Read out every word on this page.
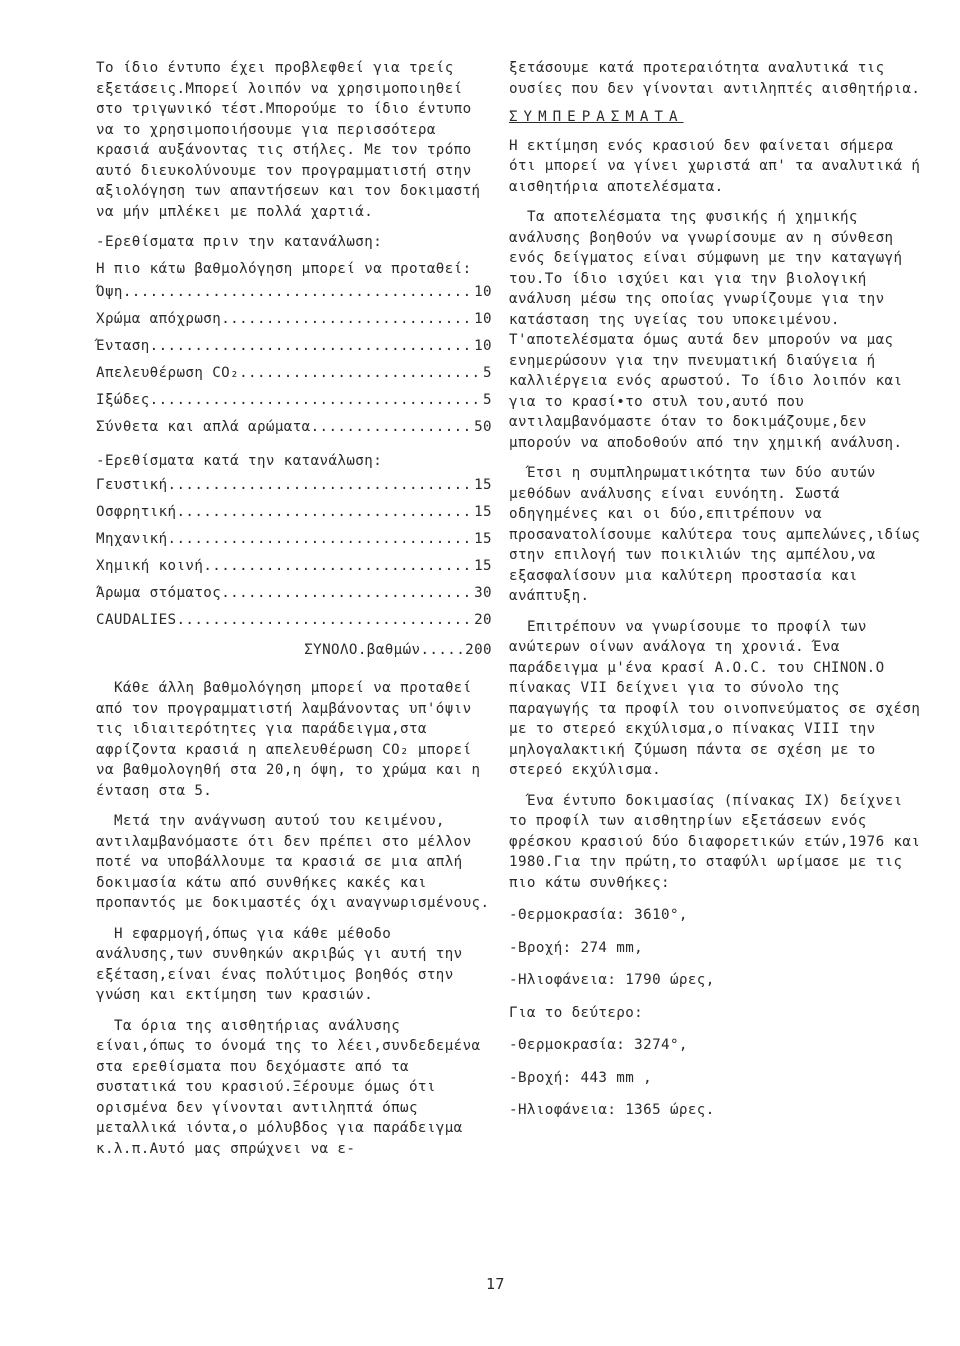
Το ίδιο έντυπο έχει προβλεφθεί για τρείς εξετάσεις.Μπορεί λοιπόν να χρησιμοποιηθεί στο τριγωνικό τέστ.Μπορούμε το ίδιο έντυπο να το χρησιμοποιήσουμε για περισσότερα κρασιά αυξάνοντας τις στήλες. Με τον τρόπο αυτό διευκολύνουμε τον προγραμματιστή στην αξιολόγηση των απαντήσεων και τον δοκιμαστή να μήν μπλέκει με πολλά χαρτιά.

-Ερεθίσματα πριν την κατανάλωση:

Η πιο κάτω βαθμολόγηση μπορεί να προταθεί:

Όψη .....	10
Χρώμα απόχρωση .....	10
Ένταση .....	10
Απελευθέρωση CO₂ .....	5
Ιξώδες .....	5
Σύνθετα και απλά αρώματα .....	50

-Ερεθίσματα κατά την κατανάλωση:

Γευστική .....	15
Οσφρητική .....	15
Μηχανική .....	15
Χημική κοινή .....	15
Άρωμα στόματος .....	30
CAUDALIES .....	20

ΣΥΝΟΛΟ.βαθμών.....200

Κάθε άλλη βαθμολόγηση μπορεί να προταθεί από τον προγραμματιστή λαμβάνοντας υπ'όψιν τις ιδιαιτερότητες για παράδειγμα,στα αφρίζοντα κρασιά η απελευθέρωση CO₂ μπορεί να βαθμολογηθή στα 20,η όψη, το χρώμα και η ένταση στα 5.

Μετά την ανάγνωση αυτού του κειμένου, αντιλαμβανόμαστε ότι δεν πρέπει στο μέλλον ποτέ να υποβάλλουμε τα κρασιά σε μια απλή δοκιμασία κάτω από συνθήκες κακές και προπαντός με δοκιμαστές όχι αναγνωρισμένους.

Η εφαρμογή,όπως για κάθε μέθοδο ανάλυσης,των συνθηκών ακριβώς γι αυτή την εξέταση,είναι ένας πολύτιμος βοηθός στην γνώση και εκτίμηση των κρασιών.

Τα όρια της αισθητήριας ανάλυσης είναι,όπως το όνομά της το λέει,συνδεδεμένα στα ερεθίσματα που δεχόμαστε από τα συστατικά του κρασιού.Ξέρουμε όμως ότι ορισμένα δεν γίνονται αντιληπτά όπως μεταλλικά ιόντα,ο μόλυβδος για παράδειγμα κ.λ.π.Αυτό μας σπρώχνει να ε-

ξετάσουμε κατά προτεραιότητα αναλυτικά τις ουσίες που δεν γίνονται αντιληπτές αισθητήρια.

ΣΥΜΠΕΡΑΣΜΑΤΑ

Η εκτίμηση ενός κρασιού δεν φαίνεται σήμερα ότι μπορεί να γίνει χωριστά απ' τα αναλυτικά ή αισθητήρια αποτελέσματα.

Τα αποτελέσματα της φυσικής ή χημικής ανάλυσης βοηθούν να γνωρίσουμε αν η σύνθεση ενός δείγματος είναι σύμφωνη με την καταγωγή του.Το ίδιο ισχύει και για την βιολογική ανάλυση μέσω της οποίας γνωρίζουμε για την κατάσταση της υγείας του υποκειμένου. Τ'αποτελέσματα όμως αυτά δεν μπορούν να μας ενημερώσουν για την πνευματική διαύγεια ή καλλιέργεια ενός αρωστού. Το ίδιο λοιπόν και για το κρασί•το στυλ του,αυτό που αντιλαμβανόμαστε όταν το δοκιμάζουμε,δεν μπορούν να αποδοθούν από την χημική ανάλυση.

Έτσι η συμπληρωματικότητα των δύο αυτών μεθόδων ανάλυσης είναι ευνόητη. Σωστά οδηγημένες και οι δύο,επιτρέπουν να προσανατολίσουμε καλύτερα τους αμπελώνες,ιδίως στην επιλογή των ποικιλιών της αμπέλου,να εξασφαλίσουν μια καλύτερη προστασία και ανάπτυξη.

Επιτρέπουν να γνωρίσουμε το προφίλ των ανώτερων οίνων ανάλογα τη χρονιά. Ένα παράδειγμα μ'ένα κρασί Α.Ο.C. του CHINON.Ο πίνακας VII δείχνει για το σύνολο της παραγωγής τα προφίλ του οινοπνεύματος σε σχέση με το στερεό εκχύλισμα,ο πίνακας VIII την μηλογαλακτική ζύμωση πάντα σε σχέση με το στερεό εκχύλισμα.

Ένα έντυπο δοκιμασίας (πίνακας IX) δείχνει το προφίλ των αισθητηρίων εξετάσεων ενός φρέσκου κρασιού δύο διαφορετικών ετών,1976 και 1980.Για την πρώτη,το σταφύλι ωρίμασε με τις πιο κάτω συνθήκες:

-Θερμοκρασία: 3610°,

-Βροχή: 274 mm,

-Ηλιοφάνεια: 1790 ώρες,

Για το δεύτερο:

-Θερμοκρασία: 3274°,

-Βροχή: 443 mm ,

-Ηλιοφάνεια: 1365 ώρες.

17
